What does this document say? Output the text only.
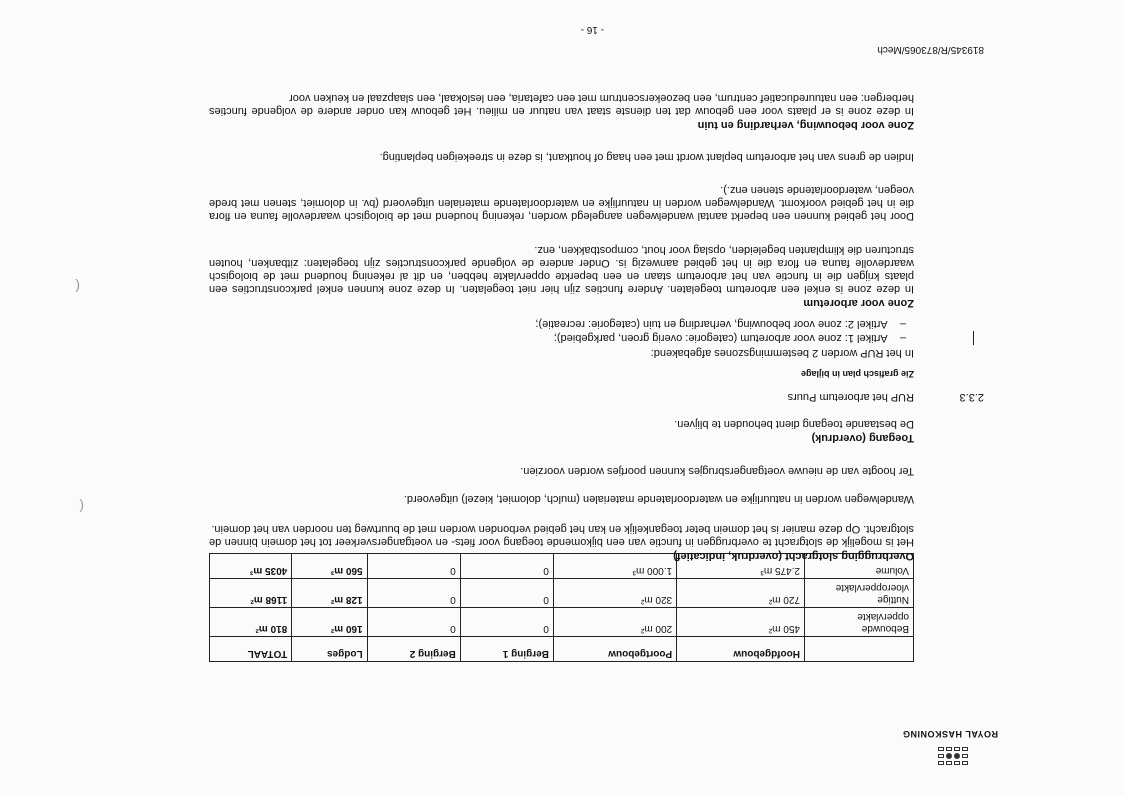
ROYAL HASKONING
	Hoofdgebouw	Poortgebouw	Berging 1	Berging 2	Lodges	TOTAAL
Bebouwde oppervlakte	450 m²	200 m²	0	0	160 m²	810 m²
Nuttige vloeroppervlakte	720 m²	320 m²	0	0	128 m²	1168 m²
Volume	2.475 m³	1.000 m³	0	0	560 m³	4035 m³
Overbrugging slotgracht (overdruk, indicatief)
Het is mogelijk de slotgracht te overbruggen in functie van een bijkomende toegang voor fiets- en voetgangersverkeer tot het domein binnen de slotgracht. Op deze manier is het domein beter toegankelijk en kan het gebied verbonden worden met de buurtweg ten noorden van het domein.
Wandelwegen worden in natuurlijke en waterdoorlatende materialen (mulch, dolomiet, kiezel) uitgevoerd.
Ter hoogte van de nieuwe voetgangersbrugjes kunnen poortjes worden voorzien.
Toegang (overdruk)
De bestaande toegang dient behouden te blijven.
2.3.3
RUP het arboretum Puurs
Zie grafisch plan in bijlage
In het RUP worden 2 bestemmingszones afgebakend:
–    Artikel 1: zone voor arboretum (categorie: overig groen, parkgebied);
–    Artikel 2: zone voor bebouwing, verharding en tuin (categorie: recreatie);
Zone voor arboretum
In deze zone is enkel een arboretum toegelaten. Andere functies zijn hier niet toegelaten. In deze zone kunnen enkel parkconstructies een plaats krijgen die in functie van het arboretum staan en een beperkte oppervlakte hebben, en dit al rekening houdend met de biologisch waardevolle fauna en flora die in het gebied aanwezig is. Onder andere de volgende parkconstructies zijn toegelaten: zitbanken, houten structuren die klimplanten begeleiden, opslag voor hout, compostbakken, enz.
Door het gebied kunnen een beperkt aantal wandelwegen aangelegd worden, rekening houdend met de biologisch waardevolle fauna en flora die in het gebied voorkomt. Wandelwegen worden in natuurlijke en waterdoorlatende materialen uitgevoerd (bv. in dolomiet, stenen met brede voegen, waterdoorlatende stenen enz.).
Indien de grens van het arboretum beplant wordt met een haag of houtkant, is deze in streekeigen beplanting.
Zone voor bebouwing, verharding en tuin
In deze zone is er plaats voor een gebouw dat ten dienste staat van natuur en milieu. Het gebouw kan onder andere de volgende functies herbergen: een natuureducatief centrum, een bezoekerscentrum met een cafetaria, een leslokaal, een slaapzaal en keuken voor
819345/R/873065/Mech
- 16 -
(
(
